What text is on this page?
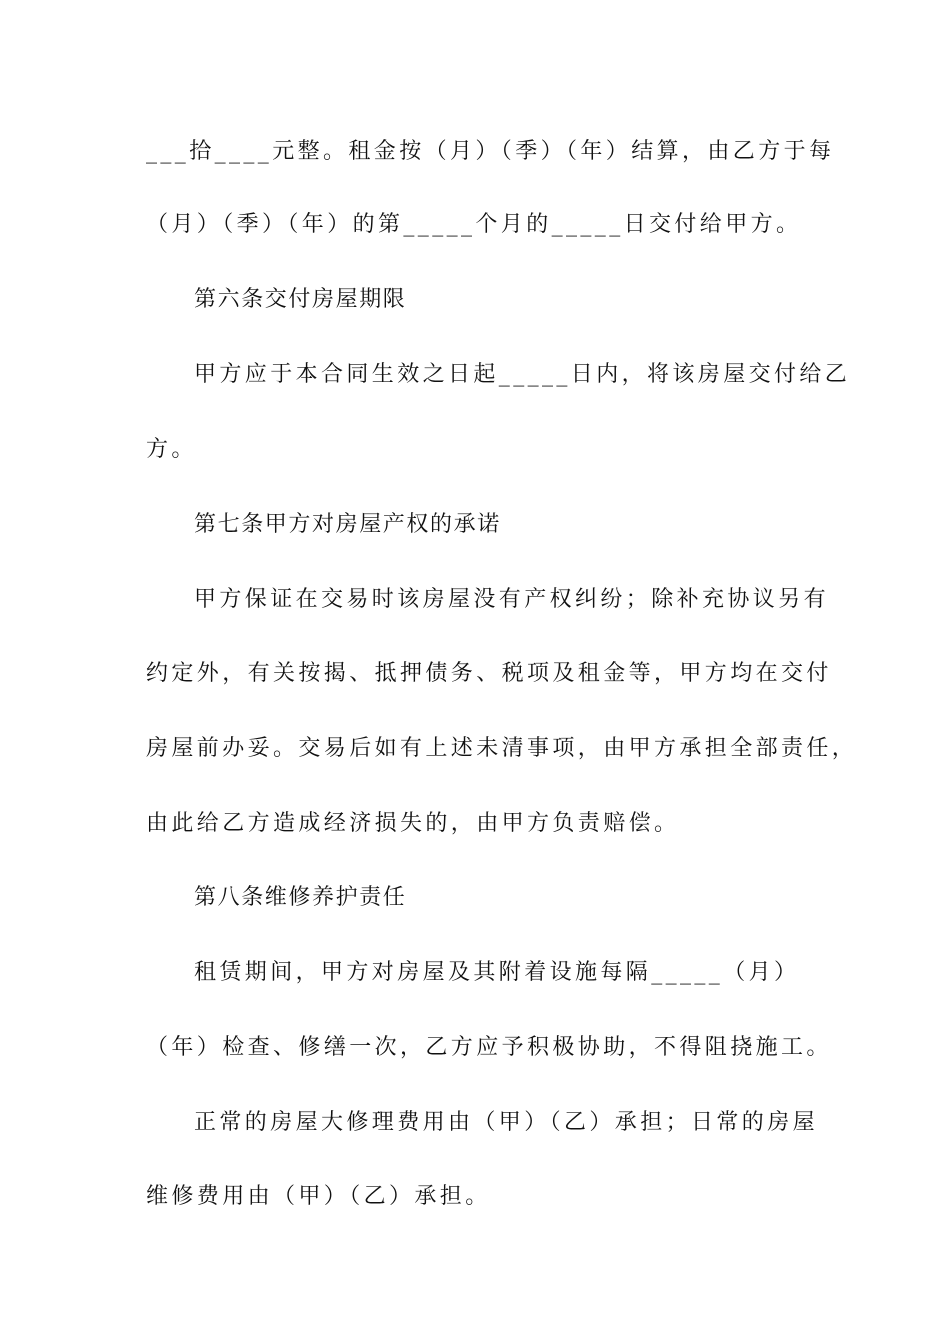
___拾____元整。租金按（月）（季）（年）结算，由乙方于每
（月）（季）（年）的第_____个月的_____日交付给甲方。
第六条交付房屋期限
甲方应于本合同生效之日起_____日内，将该房屋交付给乙
方。
第七条甲方对房屋产权的承诺
甲方保证在交易时该房屋没有产权纠纷；除补充协议另有
约定外，有关按揭、抵押债务、税项及租金等，甲方均在交付
房屋前办妥。交易后如有上述未清事项，由甲方承担全部责任，
由此给乙方造成经济损失的，由甲方负责赔偿。
第八条维修养护责任
租赁期间，甲方对房屋及其附着设施每隔_____（月）
（年）检查、修缮一次，乙方应予积极协助，不得阻挠施工。
正常的房屋大修理费用由（甲）（乙）承担；日常的房屋
维修费用由（甲）（乙）承担。
